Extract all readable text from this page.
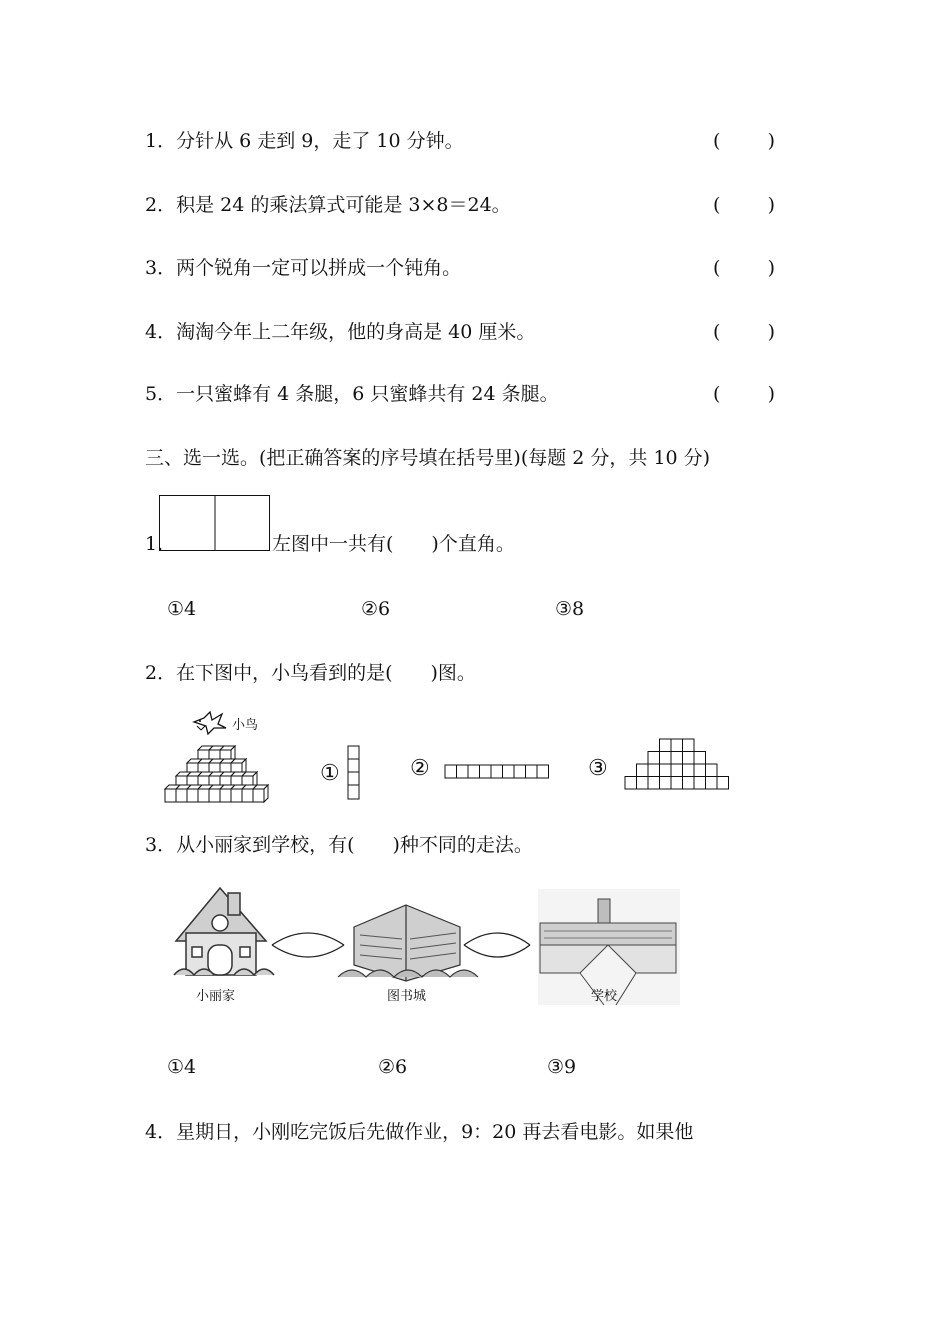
1．分针从 6 走到 9，走了 10 分钟。	( )
2．积是 24 的乘法算式可能是 3×8＝24。	( )
3．两个锐角一定可以拼成一个钝角。	( )
4．淘淘今年上二年级，他的身高是 40 厘米。	( )
5．一只蜜蜂有 4 条腿，6 只蜜蜂共有 24 条腿。	( )
三、选一选。(把正确答案的序号填在括号里)(每题 2 分，共 10 分)
1.	左图中一共有(　　)个直角。
①4	②6	③8
2．在下图中，小鸟看到的是(　　)图。
小鸟
①	②	③
3．从小丽家到学校，有(　　)种不同的走法。
小丽家	图书城	学校
①4	②6	③9
4．星期日，小刚吃完饭后先做作业，9：20 再去看电影。如果他
